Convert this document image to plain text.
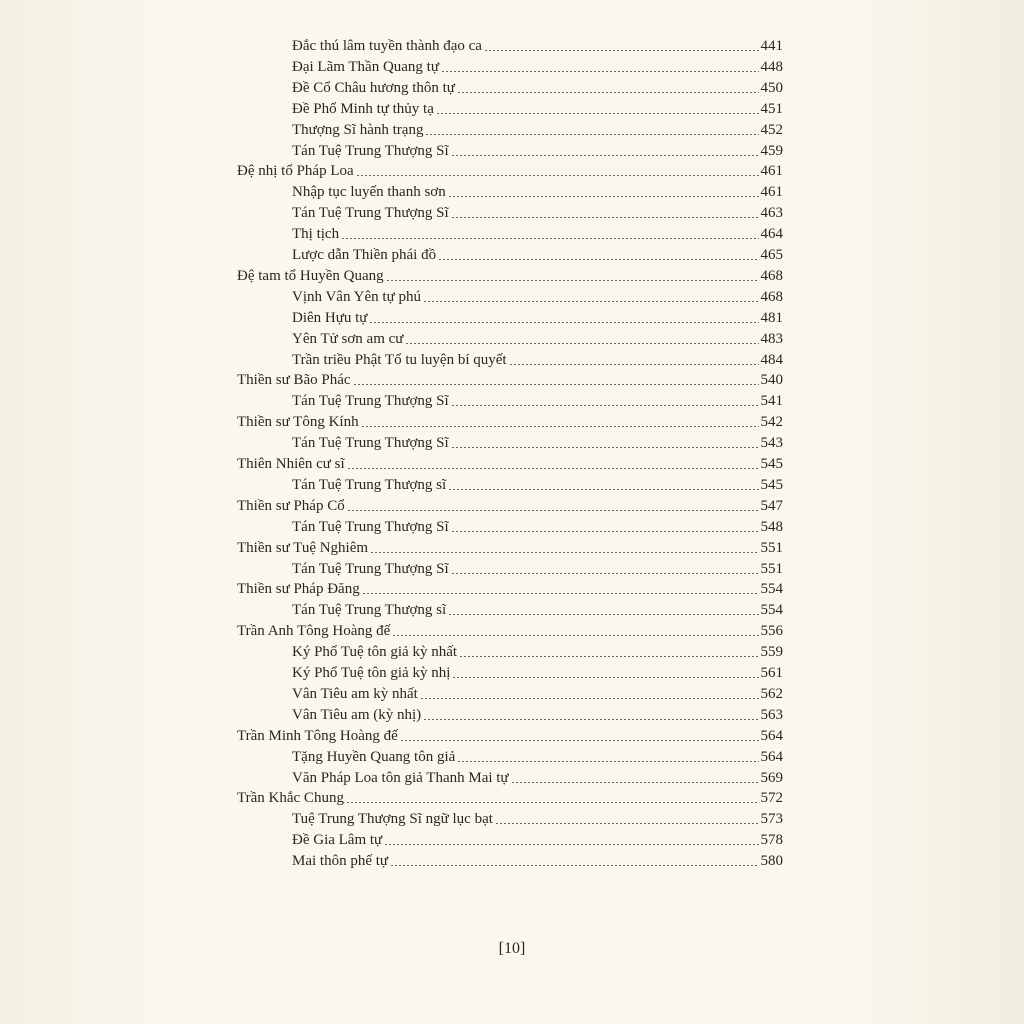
Đắc thú lâm tuyền thành đạo ca	441
Đại Lãm Thần Quang tự	448
Đề Cổ Châu hương thôn tự	450
Đề Phổ Minh tự thủy tạ	451
Thượng Sĩ hành trạng	452
Tán Tuệ Trung Thượng Sĩ	459
Đệ nhị tổ Pháp Loa	461
Nhập tục luyến thanh sơn	461
Tán Tuệ Trung Thượng Sĩ	463
Thị tịch	464
Lược dẫn Thiền phái đồ	465
Đệ tam tổ Huyền Quang	468
Vịnh Vân Yên tự phú	468
Diên Hựu tự	481
Yên Tử sơn am cư	483
Trần triều Phật Tổ tu luyện bí quyết	484
Thiền sư Bão Phác	540
Tán Tuệ Trung Thượng Sĩ	541
Thiền sư Tông Kính	542
Tán Tuệ Trung Thượng Sĩ	543
Thiên Nhiên cư sĩ	545
Tán Tuệ Trung Thượng sĩ	545
Thiền sư Pháp Cổ	547
Tán Tuệ Trung Thượng Sĩ	548
Thiền sư Tuệ Nghiêm	551
Tán Tuệ Trung Thượng Sĩ	551
Thiền sư Pháp Đăng	554
Tán Tuệ Trung Thượng sĩ	554
Trần Anh Tông Hoàng đế	556
Ký Phổ Tuệ tôn giả kỳ nhất	559
Ký Phổ Tuệ tôn giả kỳ nhị	561
Vân Tiêu am kỳ nhất	562
Vân Tiêu am (kỳ nhị)	563
Trần Minh Tông Hoàng đế	564
Tặng Huyền Quang tôn giả	564
Văn Pháp Loa tôn giả Thanh Mai tự	569
Trần Khắc Chung	572
Tuệ Trung Thượng Sĩ ngữ lục bạt	573
Đề Gia Lâm tự	578
Mai thôn phế tự	580
[10]
